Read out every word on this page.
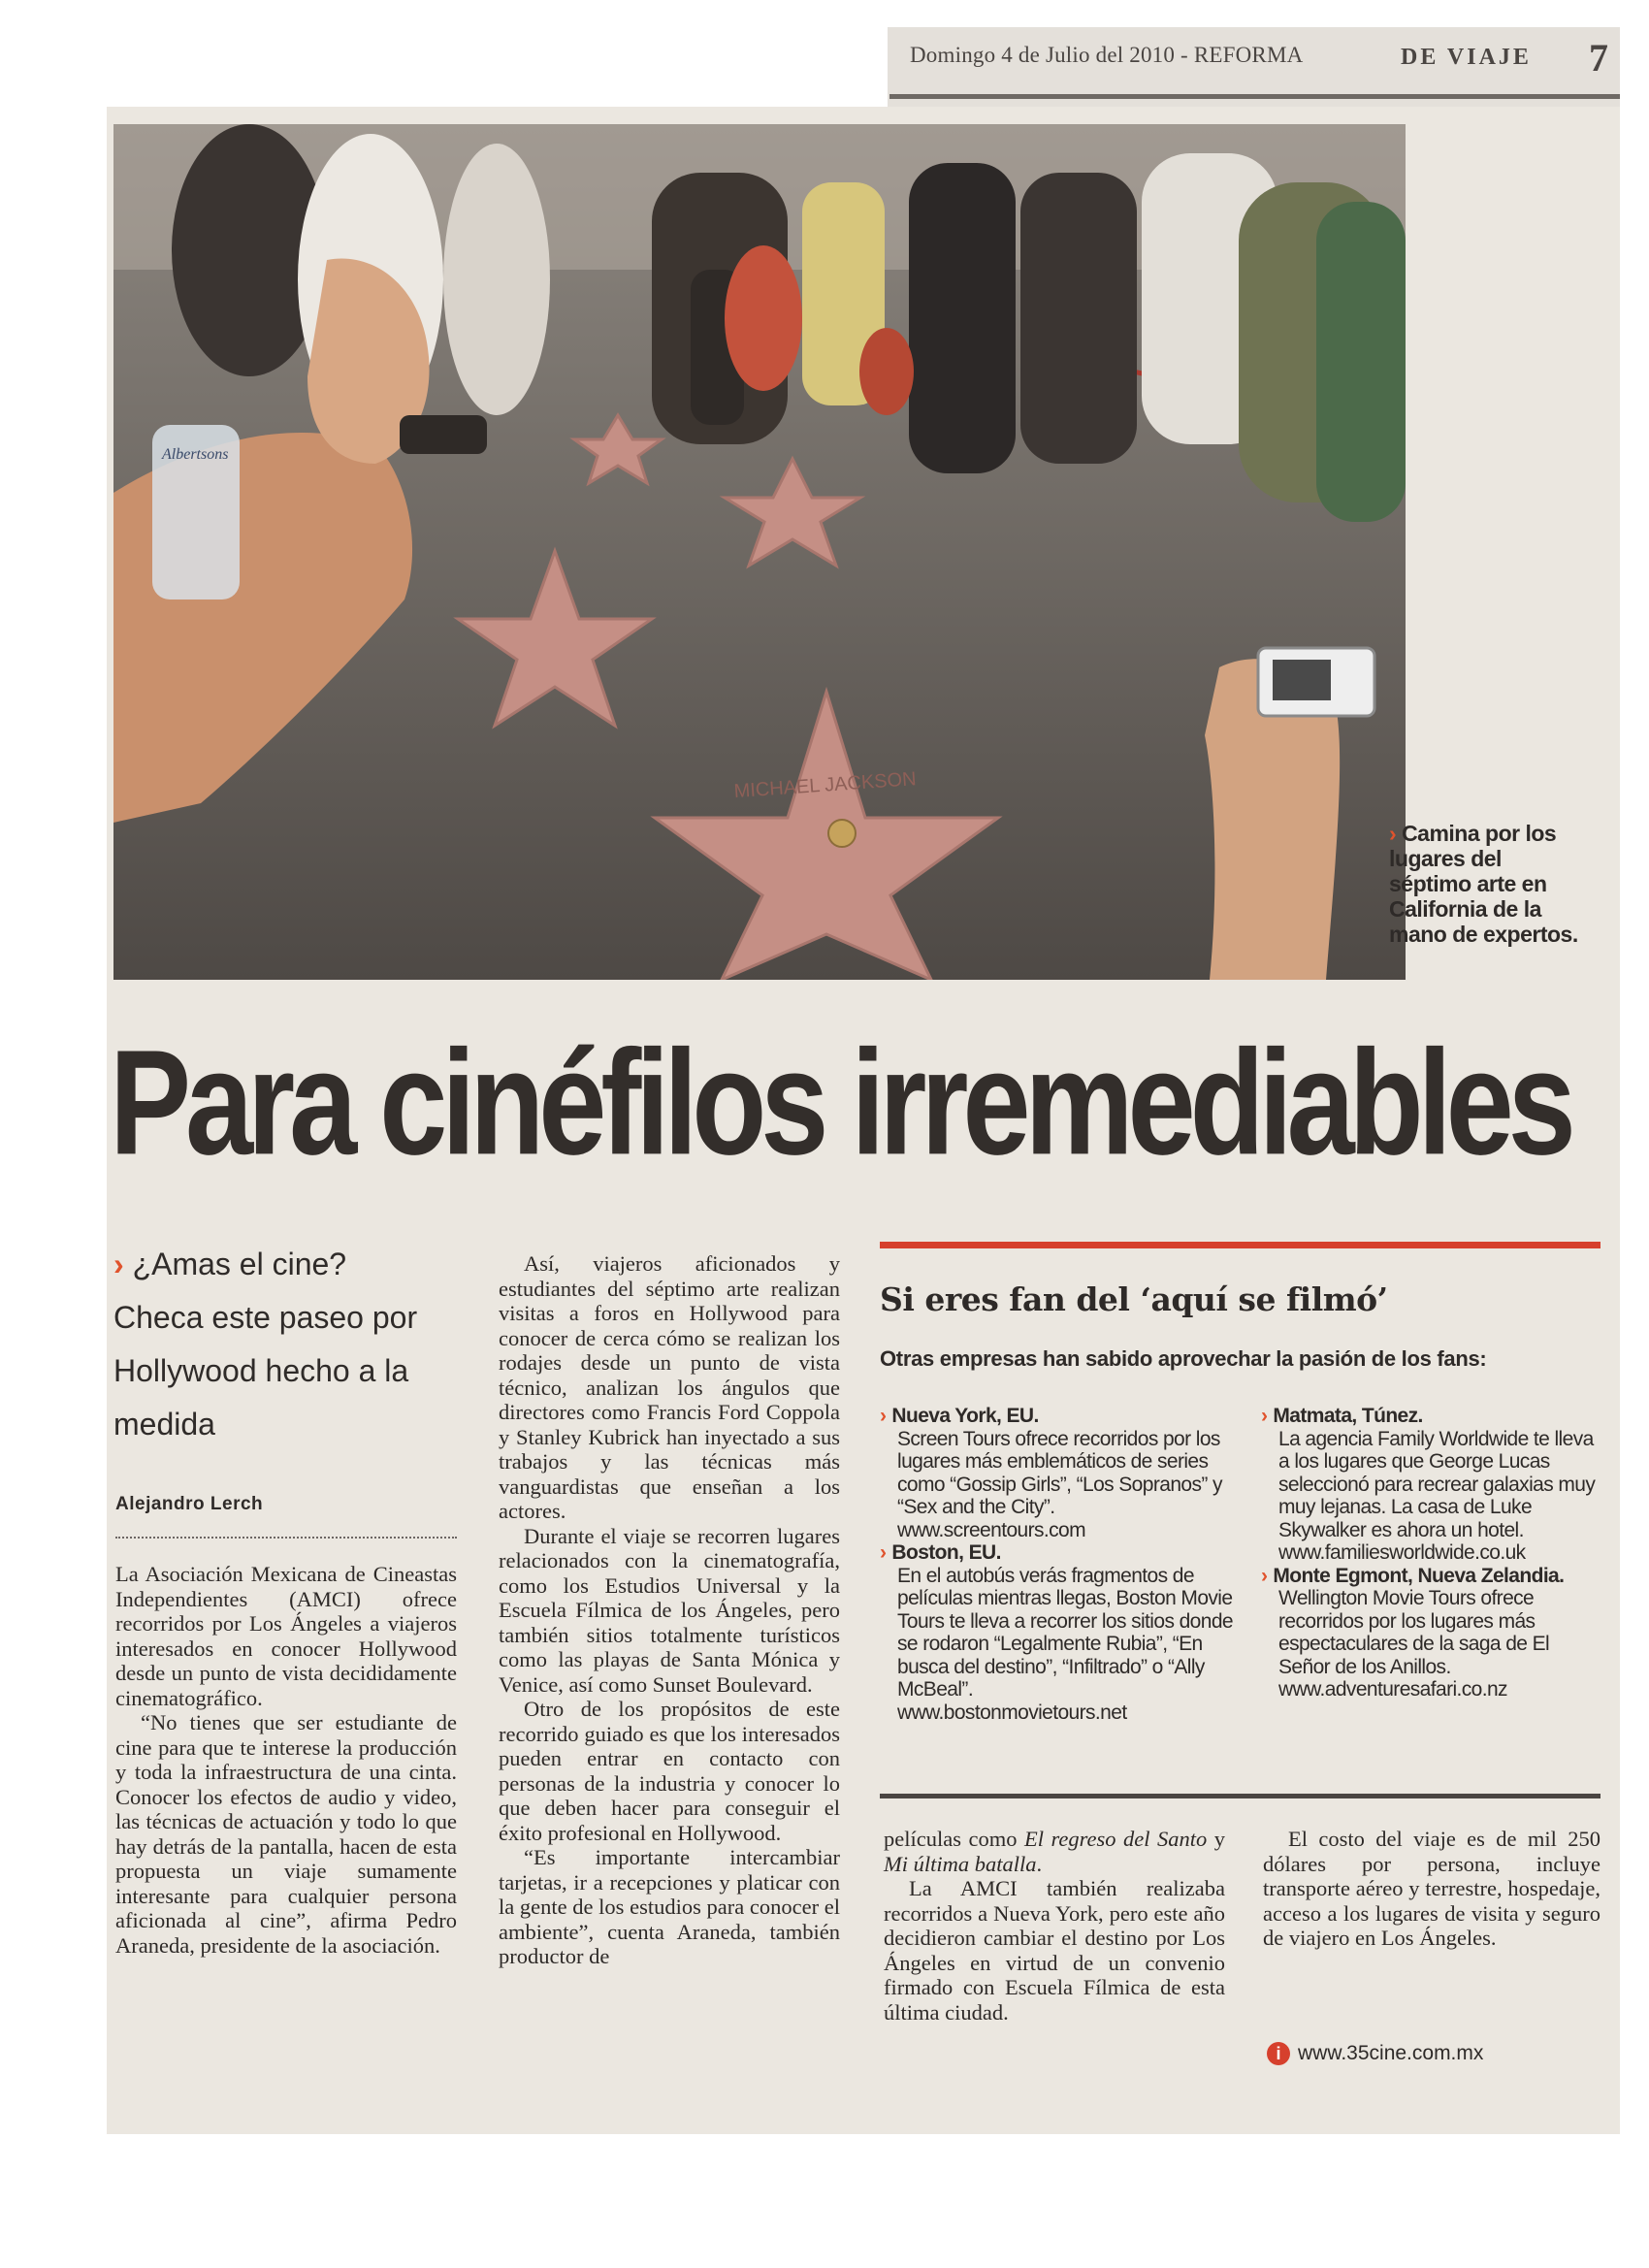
Domingo 4 de Julio del 2010 - REFORMA	DE VIAJE 7
MICHAEL JACKSON
Albertsons
› Camina por los lugares del séptimo arte en California de la mano de expertos.
Para cinéfilos irremediables
› ¿Amas el cine? Checa este paseo por Hollywood hecho a la medida
Alejandro Lerch

La Asociación Mexicana de Cineastas Independientes (AMCI) ofrece recorridos por Los Ángeles a viajeros interesados en conocer Hollywood desde un punto de vista decididamente cinematográfico.

“No tienes que ser estudiante de cine para que te interese la producción y toda la infraestructura de una cinta. Conocer los efectos de audio y video, las técnicas de actuación y todo lo que hay detrás de la pantalla, hacen de esta propuesta un viaje sumamente interesante para cualquier persona aficionada al cine”, afirma Pedro Araneda, presidente de la asociación.

Así, viajeros aficionados y estudiantes del séptimo arte realizan visitas a foros en Hollywood para conocer de cerca cómo se realizan los rodajes desde un punto de vista técnico, analizan los ángulos que directores como Francis Ford Coppola y Stanley Kubrick han inyectado a sus trabajos y las técnicas más vanguardistas que enseñan a los actores.

Durante el viaje se recorren lugares relacionados con la cinematografía, como los Estudios Universal y la Escuela Fílmica de los Ángeles, pero también sitios totalmente turísticos como las playas de Santa Mónica y Venice, así como Sunset Boulevard.

Otro de los propósitos de este recorrido guiado es que los interesados pueden entrar en contacto con personas de la industria y conocer lo que deben hacer para conseguir el éxito profesional en Hollywood.

“Es importante intercambiar tarjetas, ir a recepciones y platicar con la gente de los estudios para conocer el ambiente”, cuenta Araneda, también productor de

Si eres fan del ‘aquí se filmó’
Otras empresas han sabido aprovechar la pasión de los fans:
› Nueva York, EU.
Screen Tours ofrece recorridos por los lugares más emblemáticos de series como “Gossip Girls”, “Los Sopranos” y “Sex and the City”.
www.screentours.com
› Boston, EU.
En el autobús verás fragmentos de películas mientras llegas, Boston Movie Tours te lleva a recorrer los sitios donde se rodaron “Legalmente Rubia”, “En busca del destino”, “Infiltrado” o “Ally McBeal”.
www.bostonmovietours.net
› Matmata, Túnez.
La agencia Family Worldwide te lleva a los lugares que George Lucas seleccionó para recrear galaxias muy muy lejanas. La casa de Luke Skywalker es ahora un hotel.
www.familiesworldwide.co.uk
› Monte Egmont, Nueva Zelandia.
Wellington Movie Tours ofrece recorridos por los lugares más espectaculares de la saga de El Señor de los Anillos.
www.adventuresafari.co.nz

películas como El regreso del Santo y Mi última batalla.

La AMCI también realizaba recorridos a Nueva York, pero este año decidieron cambiar el destino por Los Ángeles en virtud de un convenio firmado con Escuela Fílmica de esta última ciudad.

El costo del viaje es de mil 250 dólares por persona, incluye transporte aéreo y terrestre, hospedaje, acceso a los lugares de visita y seguro de viajero en Los Ángeles.

i www.35cine.com.mx
